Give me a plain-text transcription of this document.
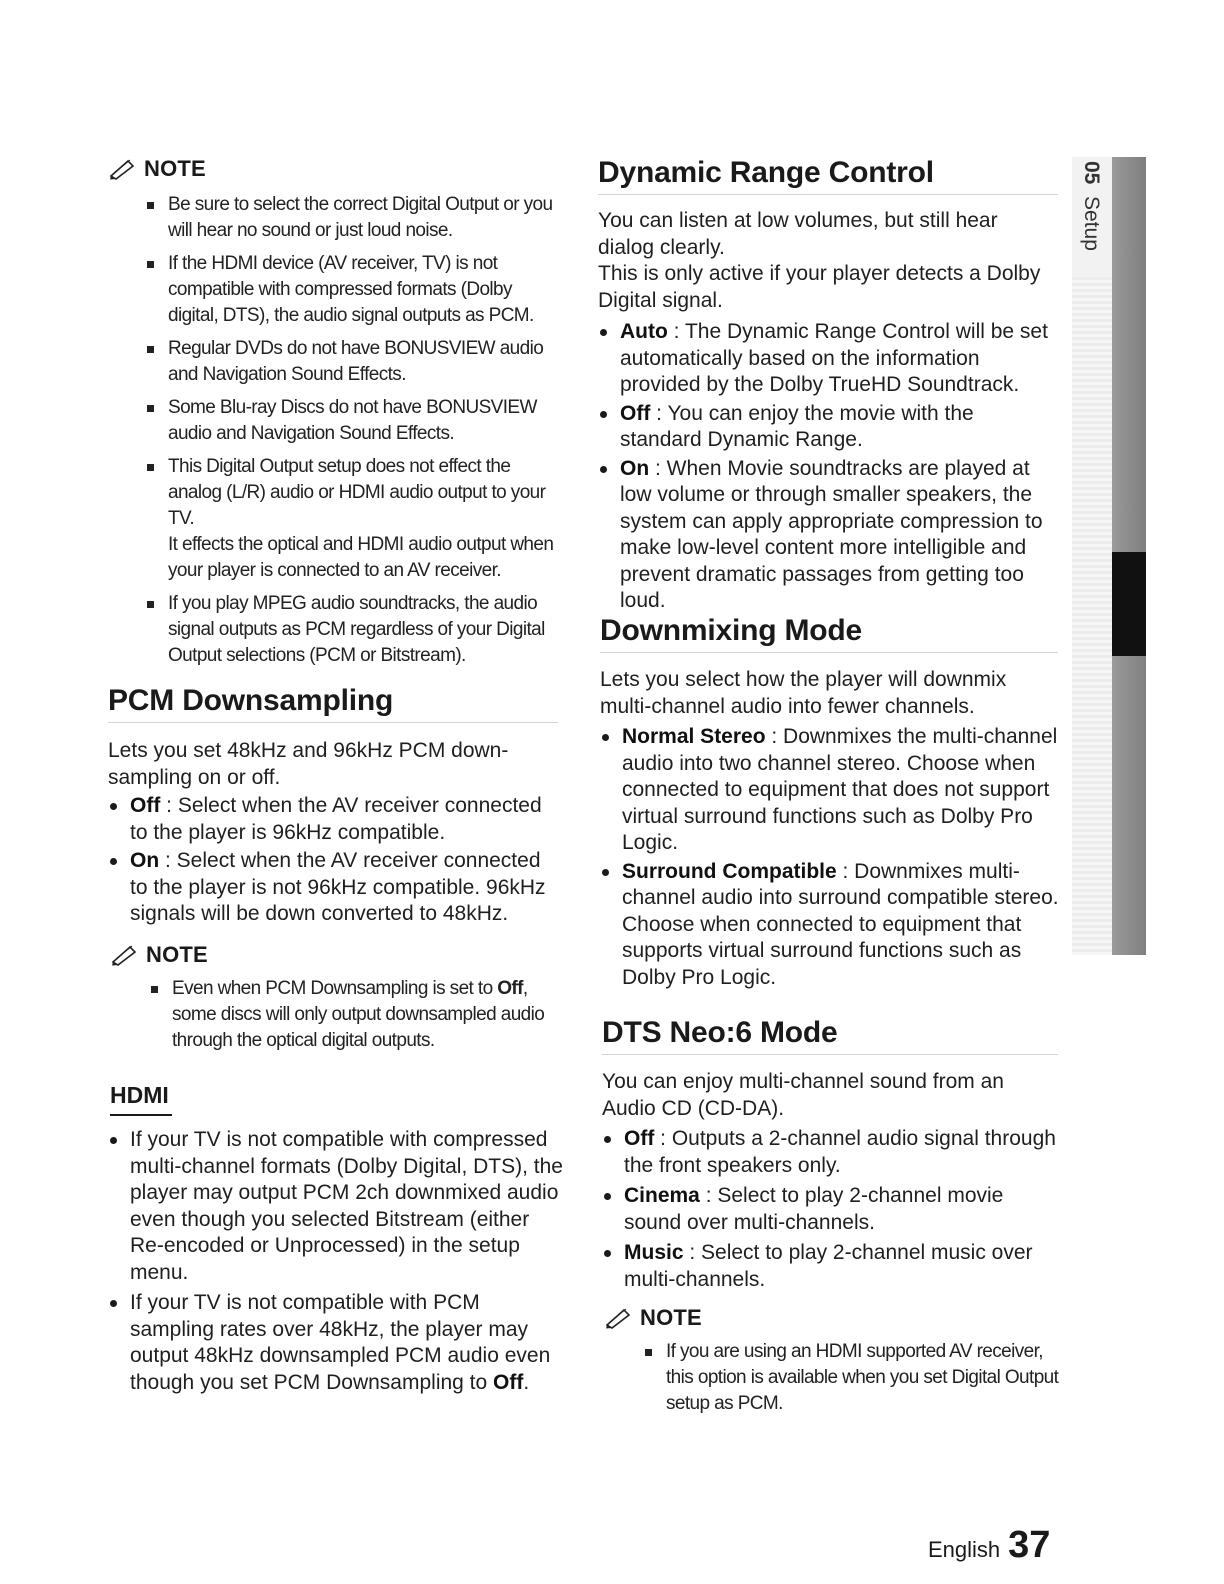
NOTE
Be sure to select the correct Digital Output or you will hear no sound or just loud noise.
If the HDMI device (AV receiver, TV) is not compatible with compressed formats (Dolby digital, DTS), the audio signal outputs as PCM.
Regular DVDs do not have BONUSVIEW audio and Navigation Sound Effects.
Some Blu-ray Discs do not have BONUSVIEW audio and Navigation Sound Effects.
This Digital Output setup does not effect the analog (L/R) audio or HDMI audio output to your TV.
It effects the optical and HDMI audio output when your player is connected to an AV receiver.
If you play MPEG audio soundtracks, the audio signal outputs as PCM regardless of your Digital Output selections (PCM or Bitstream).
PCM Downsampling

Lets you set 48kHz and 96kHz PCM down-sampling on or off.

Off : Select when the AV receiver connected to the player is 96kHz compatible.
On : Select when the AV receiver connected to the player is not 96kHz compatible. 96kHz signals will be down converted to 48kHz.
NOTE
Even when PCM Downsampling is set to Off, some discs will only output downsampled audio through the optical digital outputs.
HDMI
If your TV is not compatible with compressed multi-channel formats (Dolby Digital, DTS), the player may output PCM 2ch downmixed audio even though you selected Bitstream (either Re-encoded or Unprocessed) in the setup menu.
If your TV is not compatible with PCM sampling rates over 48kHz, the player may output 48kHz downsampled PCM audio even though you set PCM Downsampling to Off.
Dynamic Range Control

You can listen at low volumes, but still hear dialog clearly.

This is only active if your player detects a Dolby Digital signal.

Auto : The Dynamic Range Control will be set automatically based on the information provided by the Dolby TrueHD Soundtrack.
Off : You can enjoy the movie with the standard Dynamic Range.
On : When Movie soundtracks are played at low volume or through smaller speakers, the system can apply appropriate compression to make low-level content more intelligible and prevent dramatic passages from getting too loud.
Downmixing Mode

Lets you select how the player will downmix multi-channel audio into fewer channels.

Normal Stereo : Downmixes the multi-channel audio into two channel stereo. Choose when connected to equipment that does not support virtual surround functions such as Dolby Pro Logic.
Surround Compatible : Downmixes multi-channel audio into surround compatible stereo. Choose when connected to equipment that supports virtual surround functions such as Dolby Pro Logic.
DTS Neo:6 Mode

You can enjoy multi-channel sound from an Audio CD (CD-DA).

Off : Outputs a 2-channel audio signal through the front speakers only.
Cinema : Select to play 2-channel movie sound over multi-channels.
Music : Select to play 2-channel music over multi-channels.
NOTE
If you are using an HDMI supported AV receiver, this option is available when you set Digital Output setup as PCM.
05
Setup
English 37
